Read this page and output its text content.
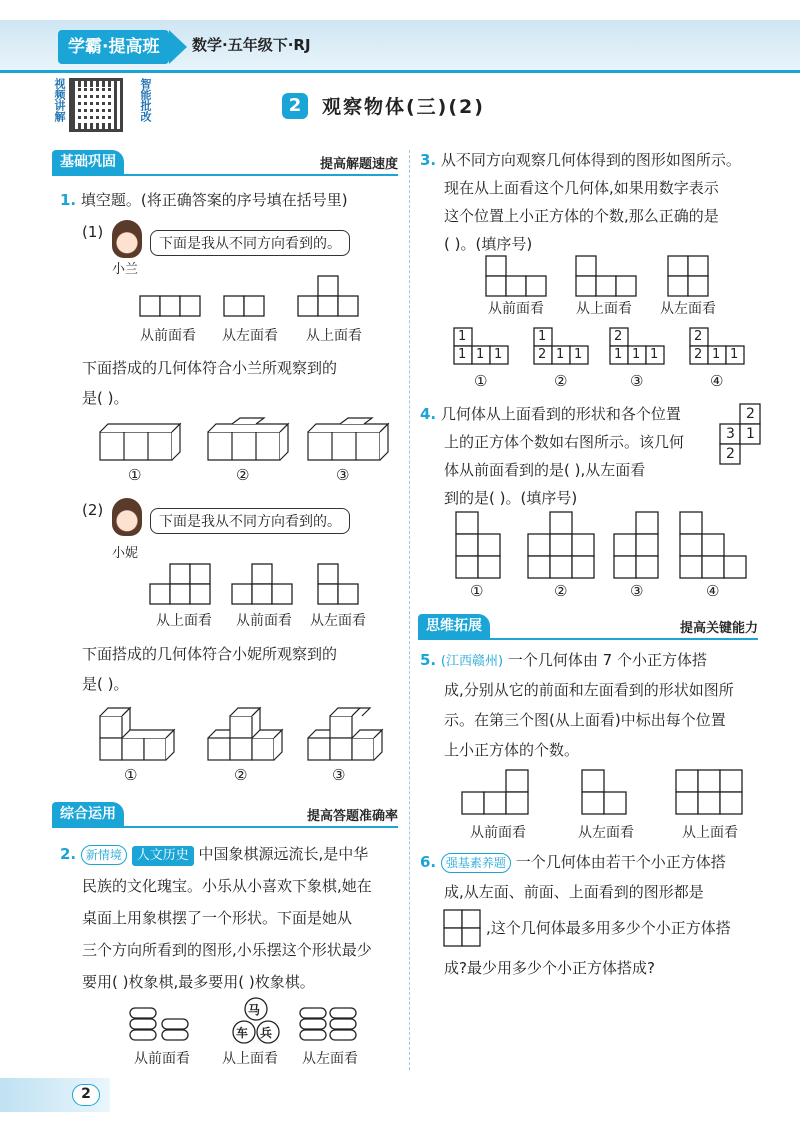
学霸·提高班	数学·五年级下·RJ
视频讲解	智能批改	2	观察物体(三)(2)
基础巩固	提高解题速度
1. 填空题。(将正确答案的序号填在括号里)
(1)
小兰
下面是我从不同方向看到的。
从前面看	从左面看	从上面看
下面搭成的几何体符合小兰所观察到的
是( )。
①	②	③
(2)
小妮
下面是我从不同方向看到的。
从上面看	从前面看	从左面看
下面搭成的几何体符合小妮所观察到的
是( )。
①	②	③
综合运用	提高答题准确率
2. 新情境 人文历史 中国象棋源远流长,是中华
民族的文化瑰宝。小乐从小喜欢下象棋,她在
桌面上用象棋摆了一个形状。下面是她从
三个方向所看到的图形,小乐摆这个形状最少
要用( )枚象棋,最多要用( )枚象棋。
马
车 兵
从前面看	从上面看	从左面看
3. 从不同方向观察几何体得到的图形如图所示。
现在从上面看这个几何体,如果用数字表示
这个位置上小正方体的个数,那么正确的是
( )。(填序号)
从前面看	从上面看	从左面看
1
1 1 1
1
2 1 1
2
1 1 1
2
2 1 1
①	②	③	④
4. 几何体从上面看到的形状和各个位置
上的正方体个数如右图所示。该几何
体从前面看到的是( ),从左面看
到的是( )。(填序号)
2
3 1
2
①	②	③	④
思维拓展	提高关键能力
5. (江西赣州) 一个几何体由 7 个小正方体搭
成,分别从它的前面和左面看到的形状如图所
示。在第三个图(从上面看)中标出每个位置
上小正方体的个数。
从前面看	从左面看	从上面看
6. 强基素养题 一个几何体由若干个小正方体搭
成,从左面、前面、上面看到的图形都是
,这个几何体最多用多少个小正方体搭
成?最少用多少个小正方体搭成?
2
